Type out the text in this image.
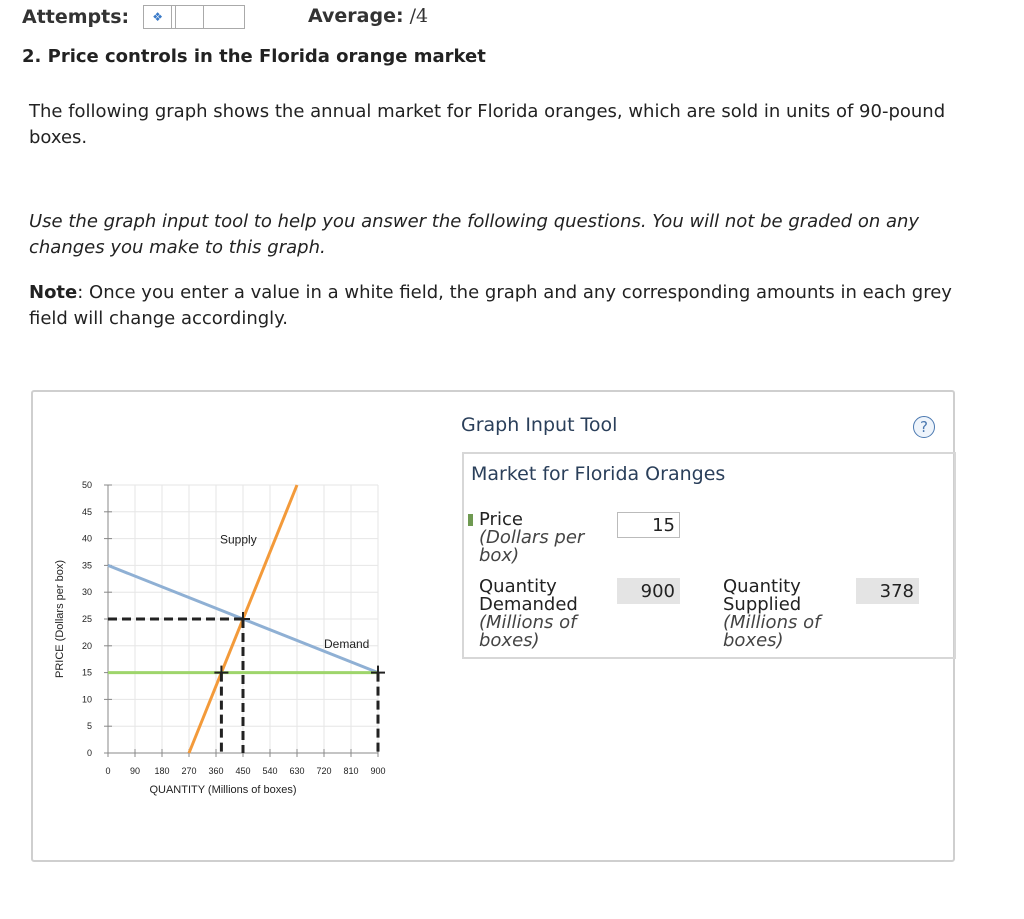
Attempts:	❖	Average: /4
2. Price controls in the Florida orange market
The following graph shows the annual market for Florida oranges, which are sold in units of 90-pound boxes.
Use the graph input tool to help you answer the following questions. You will not be graded on any changes you make to this graph.
Note: Once you enter a value in a white field, the graph and any corresponding amounts in each grey field will change accordingly.
0
5
10
15
20
25
30
35
40
45
50
0 90 180 270 360 450 540 630 720 810 900
QUANTITY (Millions of boxes)
PRICE (Dollars per box)
Supply
Demand
Graph Input Tool	?
Market for Florida Oranges
Price
(Dollars per box)
15
Quantity Demanded
(Millions of boxes)
900	Quantity Supplied
(Millions of boxes)
378
